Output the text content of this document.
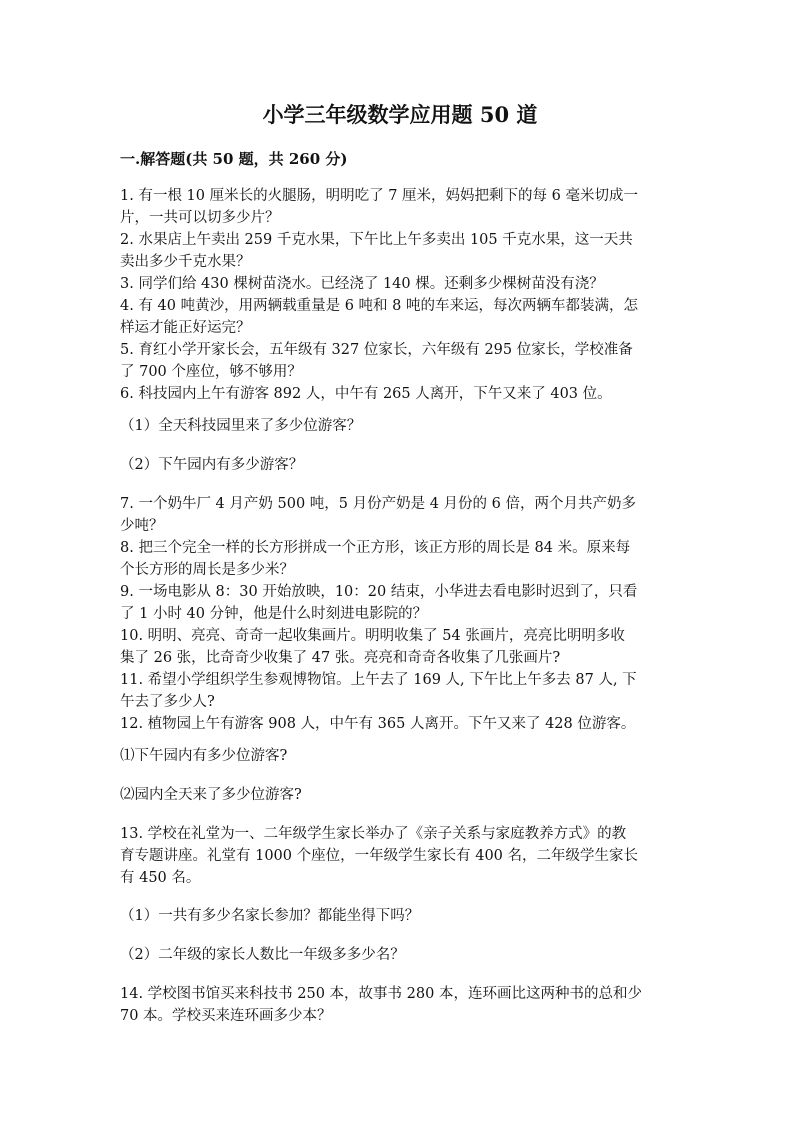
小学三年级数学应用题 50 道
一.解答题(共 50 题，共 260 分)
1. 有一根 10 厘米长的火腿肠，明明吃了 7 厘米，妈妈把剩下的每 6 毫米切成一
片，一共可以切多少片？
2. 水果店上午卖出 259 千克水果，下午比上午多卖出 105 千克水果，这一天共
卖出多少千克水果？
3. 同学们给 430 棵树苗浇水。已经浇了 140 棵。还剩多少棵树苗没有浇？
4. 有 40 吨黄沙，用两辆载重量是 6 吨和 8 吨的车来运，每次两辆车都装满，怎
样运才能正好运完？
5. 育红小学开家长会，五年级有 327 位家长，六年级有 295 位家长，学校准备
了 700 个座位，够不够用？
6. 科技园内上午有游客 892 人，中午有 265 人离开，下午又来了 403 位。
（1）全天科技园里来了多少位游客？
（2）下午园内有多少游客？
7. 一个奶牛厂 4 月产奶 500 吨，5 月份产奶是 4 月份的 6 倍，两个月共产奶多
少吨？
8. 把三个完全一样的长方形拼成一个正方形，该正方形的周长是 84 米。原来每
个长方形的周长是多少米？
9. 一场电影从 8：30 开始放映，10：20 结束，小华进去看电影时迟到了，只看
了 1 小时 40 分钟，他是什么时刻进电影院的？
10. 明明、亮亮、奇奇一起收集画片。明明收集了 54 张画片，亮亮比明明多收
集了 26 张，比奇奇少收集了 47 张。亮亮和奇奇各收集了几张画片?
11. 希望小学组织学生参观博物馆。上午去了 169 人, 下午比上午多去 87 人, 下
午去了多少人?
12. 植物园上午有游客 908 人，中午有 365 人离开。下午又来了 428 位游客。
⑴下午园内有多少位游客?
⑵园内全天来了多少位游客?
13. 学校在礼堂为一、二年级学生家长举办了《亲子关系与家庭教养方式》的教
育专题讲座。礼堂有 1000 个座位，一年级学生家长有 400 名，二年级学生家长
有 450 名。
（1）一共有多少名家长参加？都能坐得下吗？
（2）二年级的家长人数比一年级多多少名？
14. 学校图书馆买来科技书 250 本，故事书 280 本，连环画比这两种书的总和少
70 本。学校买来连环画多少本？
